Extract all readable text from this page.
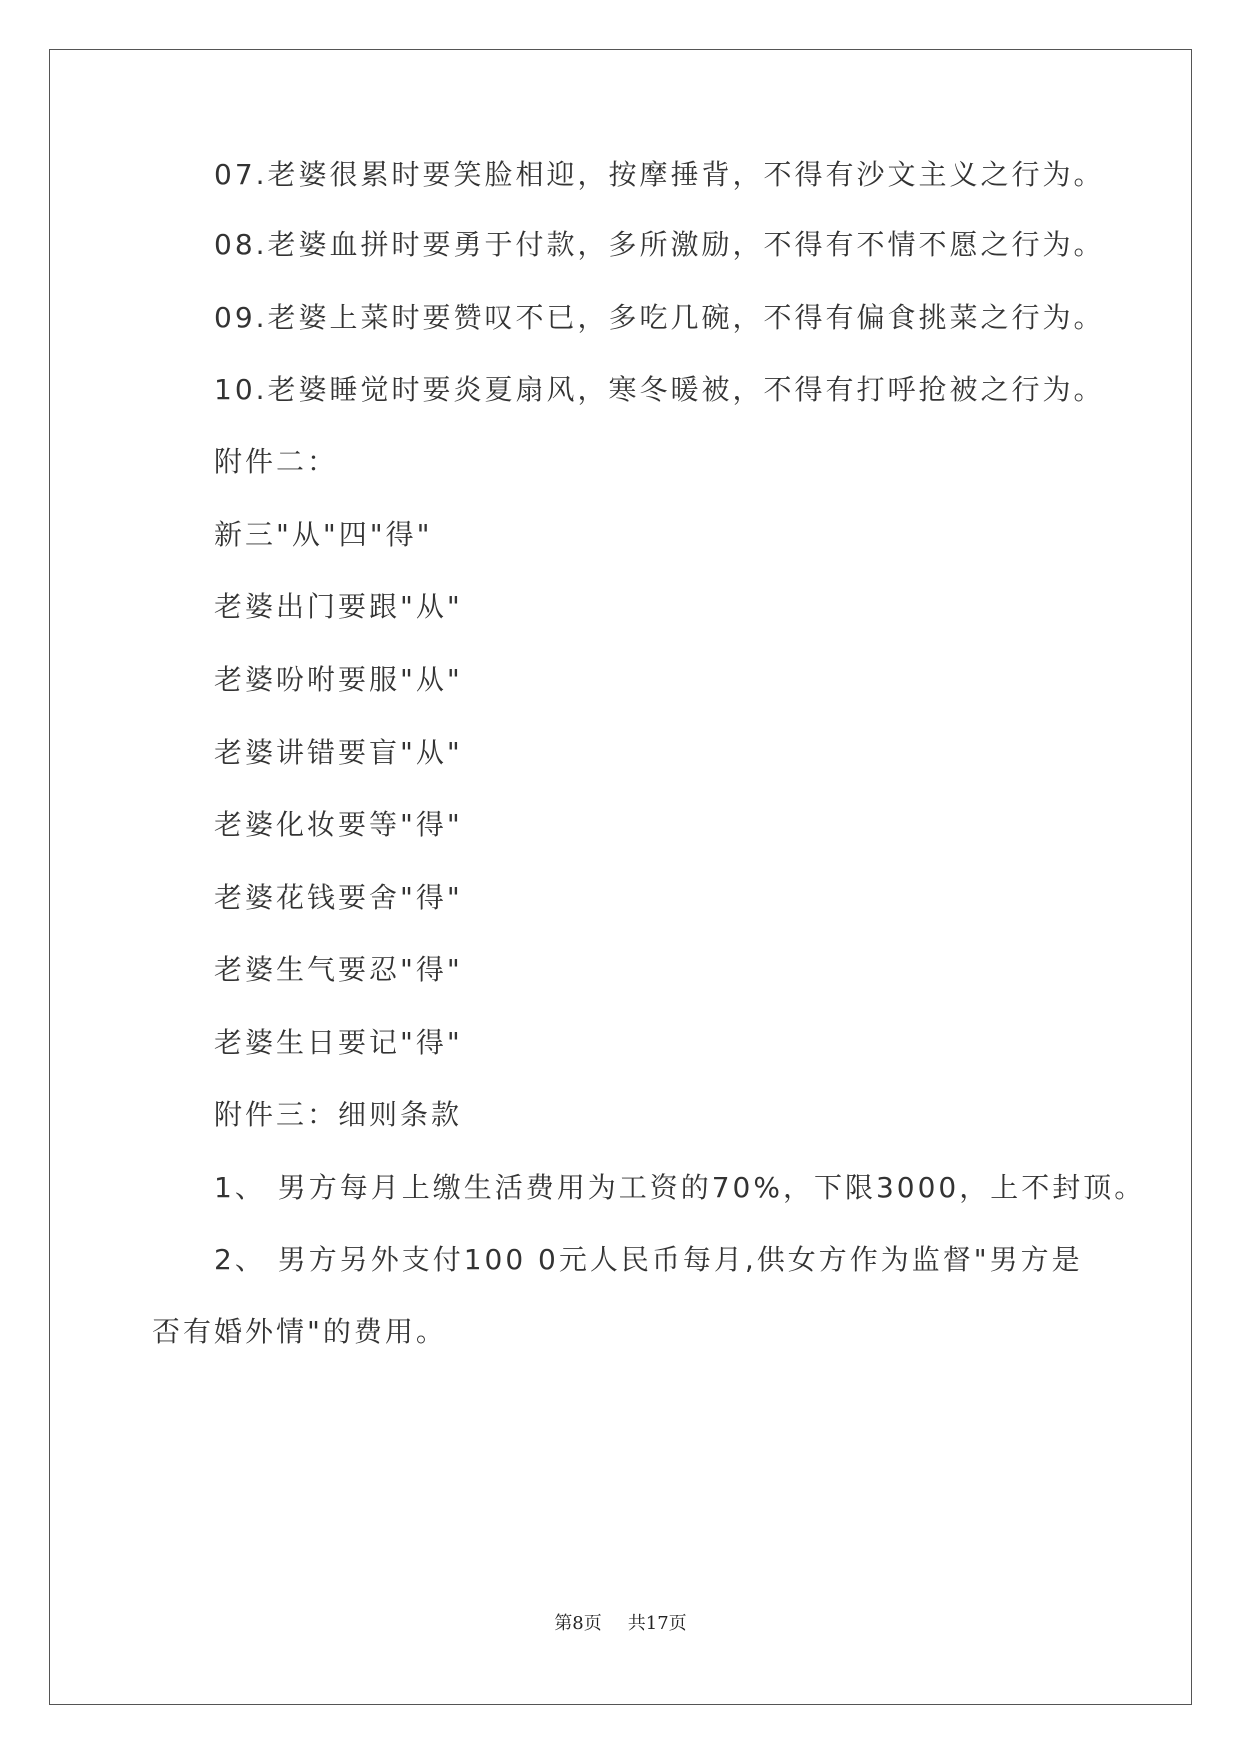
07.老婆很累时要笑脸相迎，按摩捶背，不得有沙文主义之行为。
08.老婆血拼时要勇于付款，多所激励，不得有不情不愿之行为。
09.老婆上菜时要赞叹不已，多吃几碗，不得有偏食挑菜之行为。
10.老婆睡觉时要炎夏扇风，寒冬暖被，不得有打呼抢被之行为。
附件二：
新三"从"四"得"
老婆出门要跟"从"
老婆吩咐要服"从"
老婆讲错要盲"从"
老婆化妆要等"得"
老婆花钱要舍"得"
老婆生气要忍"得"
老婆生日要记"得"
附件三：细则条款
1、 男方每月上缴生活费用为工资的70%，下限3000，上不封顶。
2、 男方另外支付100 0元人民币每月,供女方作为监督"男方是
否有婚外情"的费用。
第8页 共17页
